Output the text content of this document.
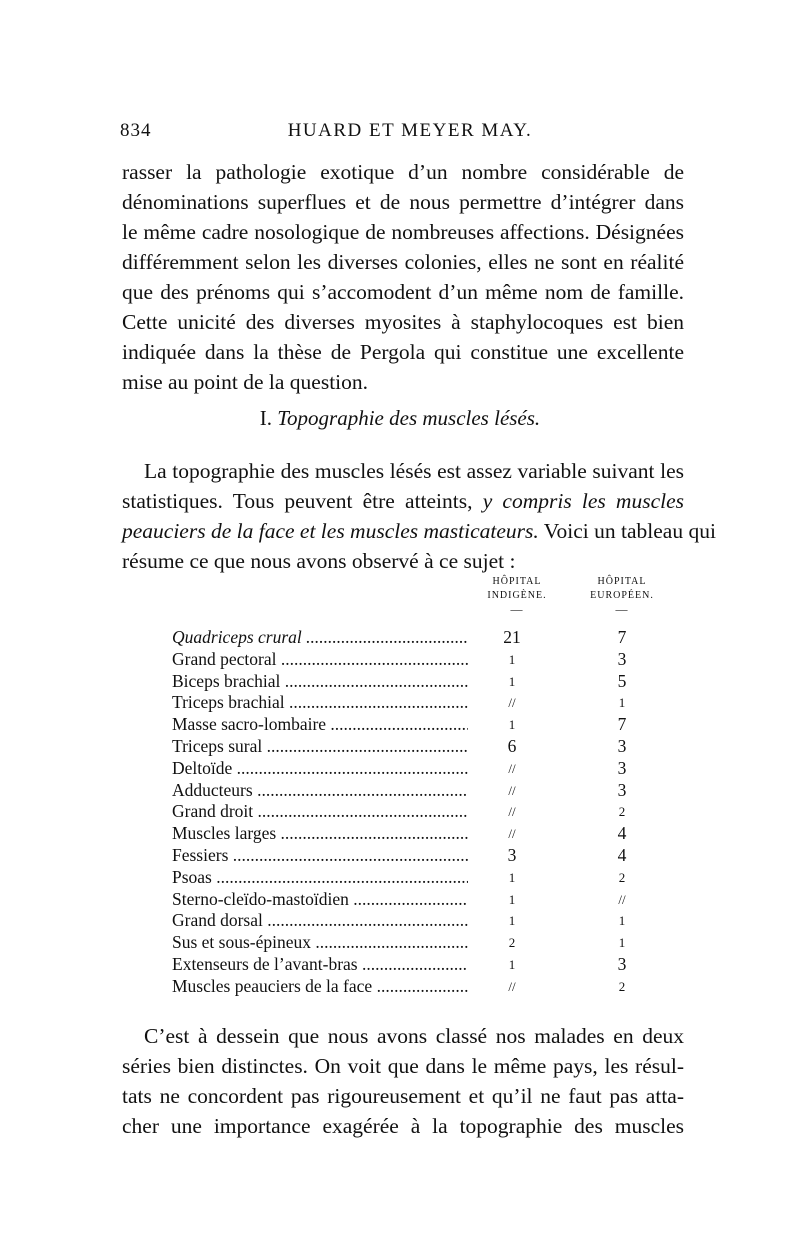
834	HUARD ET MEYER MAY.
rasser la pathologie exotique d’un nombre considérable de
dénominations superflues et de nous permettre d’intégrer dans
le même cadre nosologique de nombreuses affections. Désignées
différemment selon les diverses colonies, elles ne sont en réalité
que des prénoms qui s’accomodent d’un même nom de famille.
Cette unicité des diverses myosites à staphylocoques est bien
indiquée dans la thèse de Pergola qui constitue une excellente
mise au point de la question.
I. Topographie des muscles lésés.
La topographie des muscles lésés est assez variable suivant les
statistiques. Tous peuvent être atteints, y compris les muscles
peauciers de la face et les muscles masticateurs. Voici un tableau qui
résume ce que nous avons observé à ce sujet :
HÔPITAL
INDIGÈNE.
—
HÔPITAL
EUROPÉEN.
—
Quadriceps crural .....	21	7
Grand pectoral .....	1	3
Biceps brachial .....	1	5
Triceps brachial .....	//	1
Masse sacro-lombaire .....	1	7
Triceps sural .....	6	3
Deltoïde .....	//	3
Adducteurs .....	//	3
Grand droit .....	//	2
Muscles larges .....	//	4
Fessiers .....	3	4
Psoas .....	1	2
Sterno-cleïdo-mastoïdien .....	1	//
Grand dorsal .....	1	1
Sus et sous-épineux .....	2	1
Extenseurs de l’avant-bras .....	1	3
Muscles peauciers de la face .....	//	2
C’est à dessein que nous avons classé nos malades en deux
séries bien distinctes. On voit que dans le même pays, les résul-
tats ne concordent pas rigoureusement et qu’il ne faut pas atta-
cher une importance exagérée à la topographie des muscles
